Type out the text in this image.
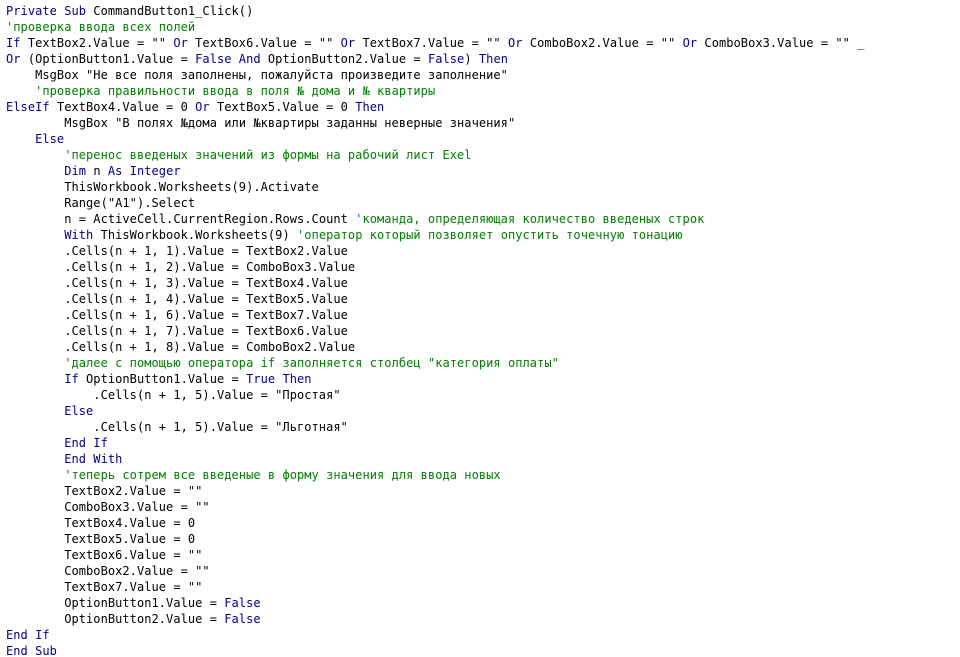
Private Sub CommandButton1_Click()
'проверка ввода всех полей
If TextBox2.Value = "" Or TextBox6.Value = "" Or TextBox7.Value = "" Or ComboBox2.Value = "" Or ComboBox3.Value = "" _
Or (OptionButton1.Value = False And OptionButton2.Value = False) Then
MsgBox "Не все поля заполнены, пожалуйста произведите заполнение"
'проверка правильности ввода в поля № дома и № квартиры
ElseIf TextBox4.Value = 0 Or TextBox5.Value = 0 Then
MsgBox "В полях №дома или №квартиры заданны неверные значения"
Else
'перенос введеных значений из формы на рабочий лист Exel
Dim n As Integer
ThisWorkbook.Worksheets(9).Activate
Range("A1").Select
n = ActiveCell.CurrentRegion.Rows.Count 'команда, определяющая количество введеных строк
With ThisWorkbook.Worksheets(9) 'оператор который позволяет опустить точечную тонацию
.Cells(n + 1, 1).Value = TextBox2.Value
.Cells(n + 1, 2).Value = ComboBox3.Value
.Cells(n + 1, 3).Value = TextBox4.Value
.Cells(n + 1, 4).Value = TextBox5.Value
.Cells(n + 1, 6).Value = TextBox7.Value
.Cells(n + 1, 7).Value = TextBox6.Value
.Cells(n + 1, 8).Value = ComboBox2.Value
'далее с помощью оператора if заполняется столбец "категория оплаты"
If OptionButton1.Value = True Then
.Cells(n + 1, 5).Value = "Простая"
Else
.Cells(n + 1, 5).Value = "Льготная"
End If
End With
'теперь сотрем все введеные в форму значения для ввода новых
TextBox2.Value = ""
ComboBox3.Value = ""
TextBox4.Value = 0
TextBox5.Value = 0
TextBox6.Value = ""
ComboBox2.Value = ""
TextBox7.Value = ""
OptionButton1.Value = False
OptionButton2.Value = False
End If
End Sub
